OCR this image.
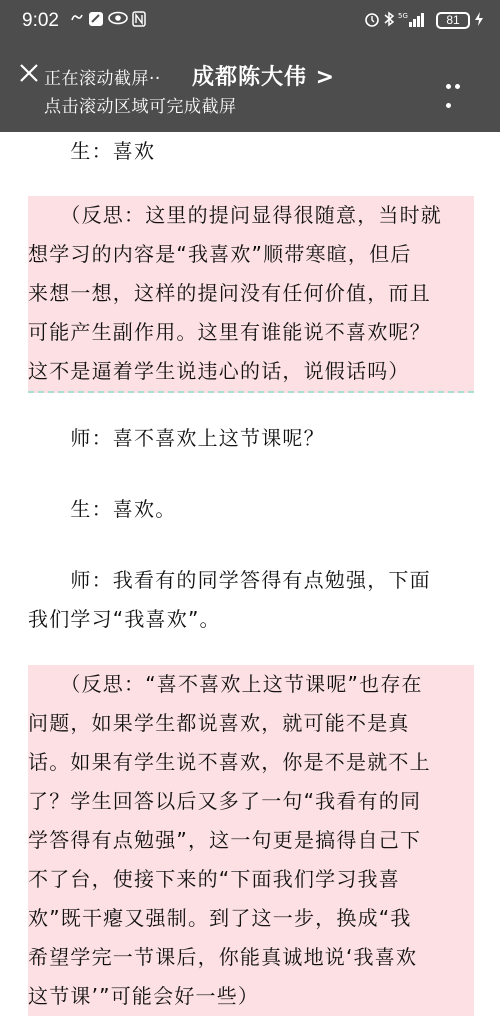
9:02	5G	81
正在滚动截屏··
点击滚动区域可完成截屏
成都陈大伟 >
　　生：喜欢
　　（反思：这里的提问显得很随意，当时就
想学习的内容是“我喜欢”顺带寒暄，但后
来想一想，这样的提问没有任何价值，而且
可能产生副作用。这里有谁能说不喜欢呢？
这不是逼着学生说违心的话，说假话吗）
　　师：喜不喜欢上这节课呢？
　　生：喜欢。
　　师：我看有的同学答得有点勉强，下面
我们学习“我喜欢”。
　　（反思：“喜不喜欢上这节课呢”也存在
问题，如果学生都说喜欢，就可能不是真
话。如果有学生说不喜欢，你是不是就不上
了？学生回答以后又多了一句“我看有的同
学答得有点勉强”，这一句更是搞得自己下
不了台，使接下来的“下面我们学习我喜
欢”既干瘪又强制。到了这一步，换成“我
希望学完一节课后，你能真诚地说‘我喜欢
这节课’”可能会好一些）
